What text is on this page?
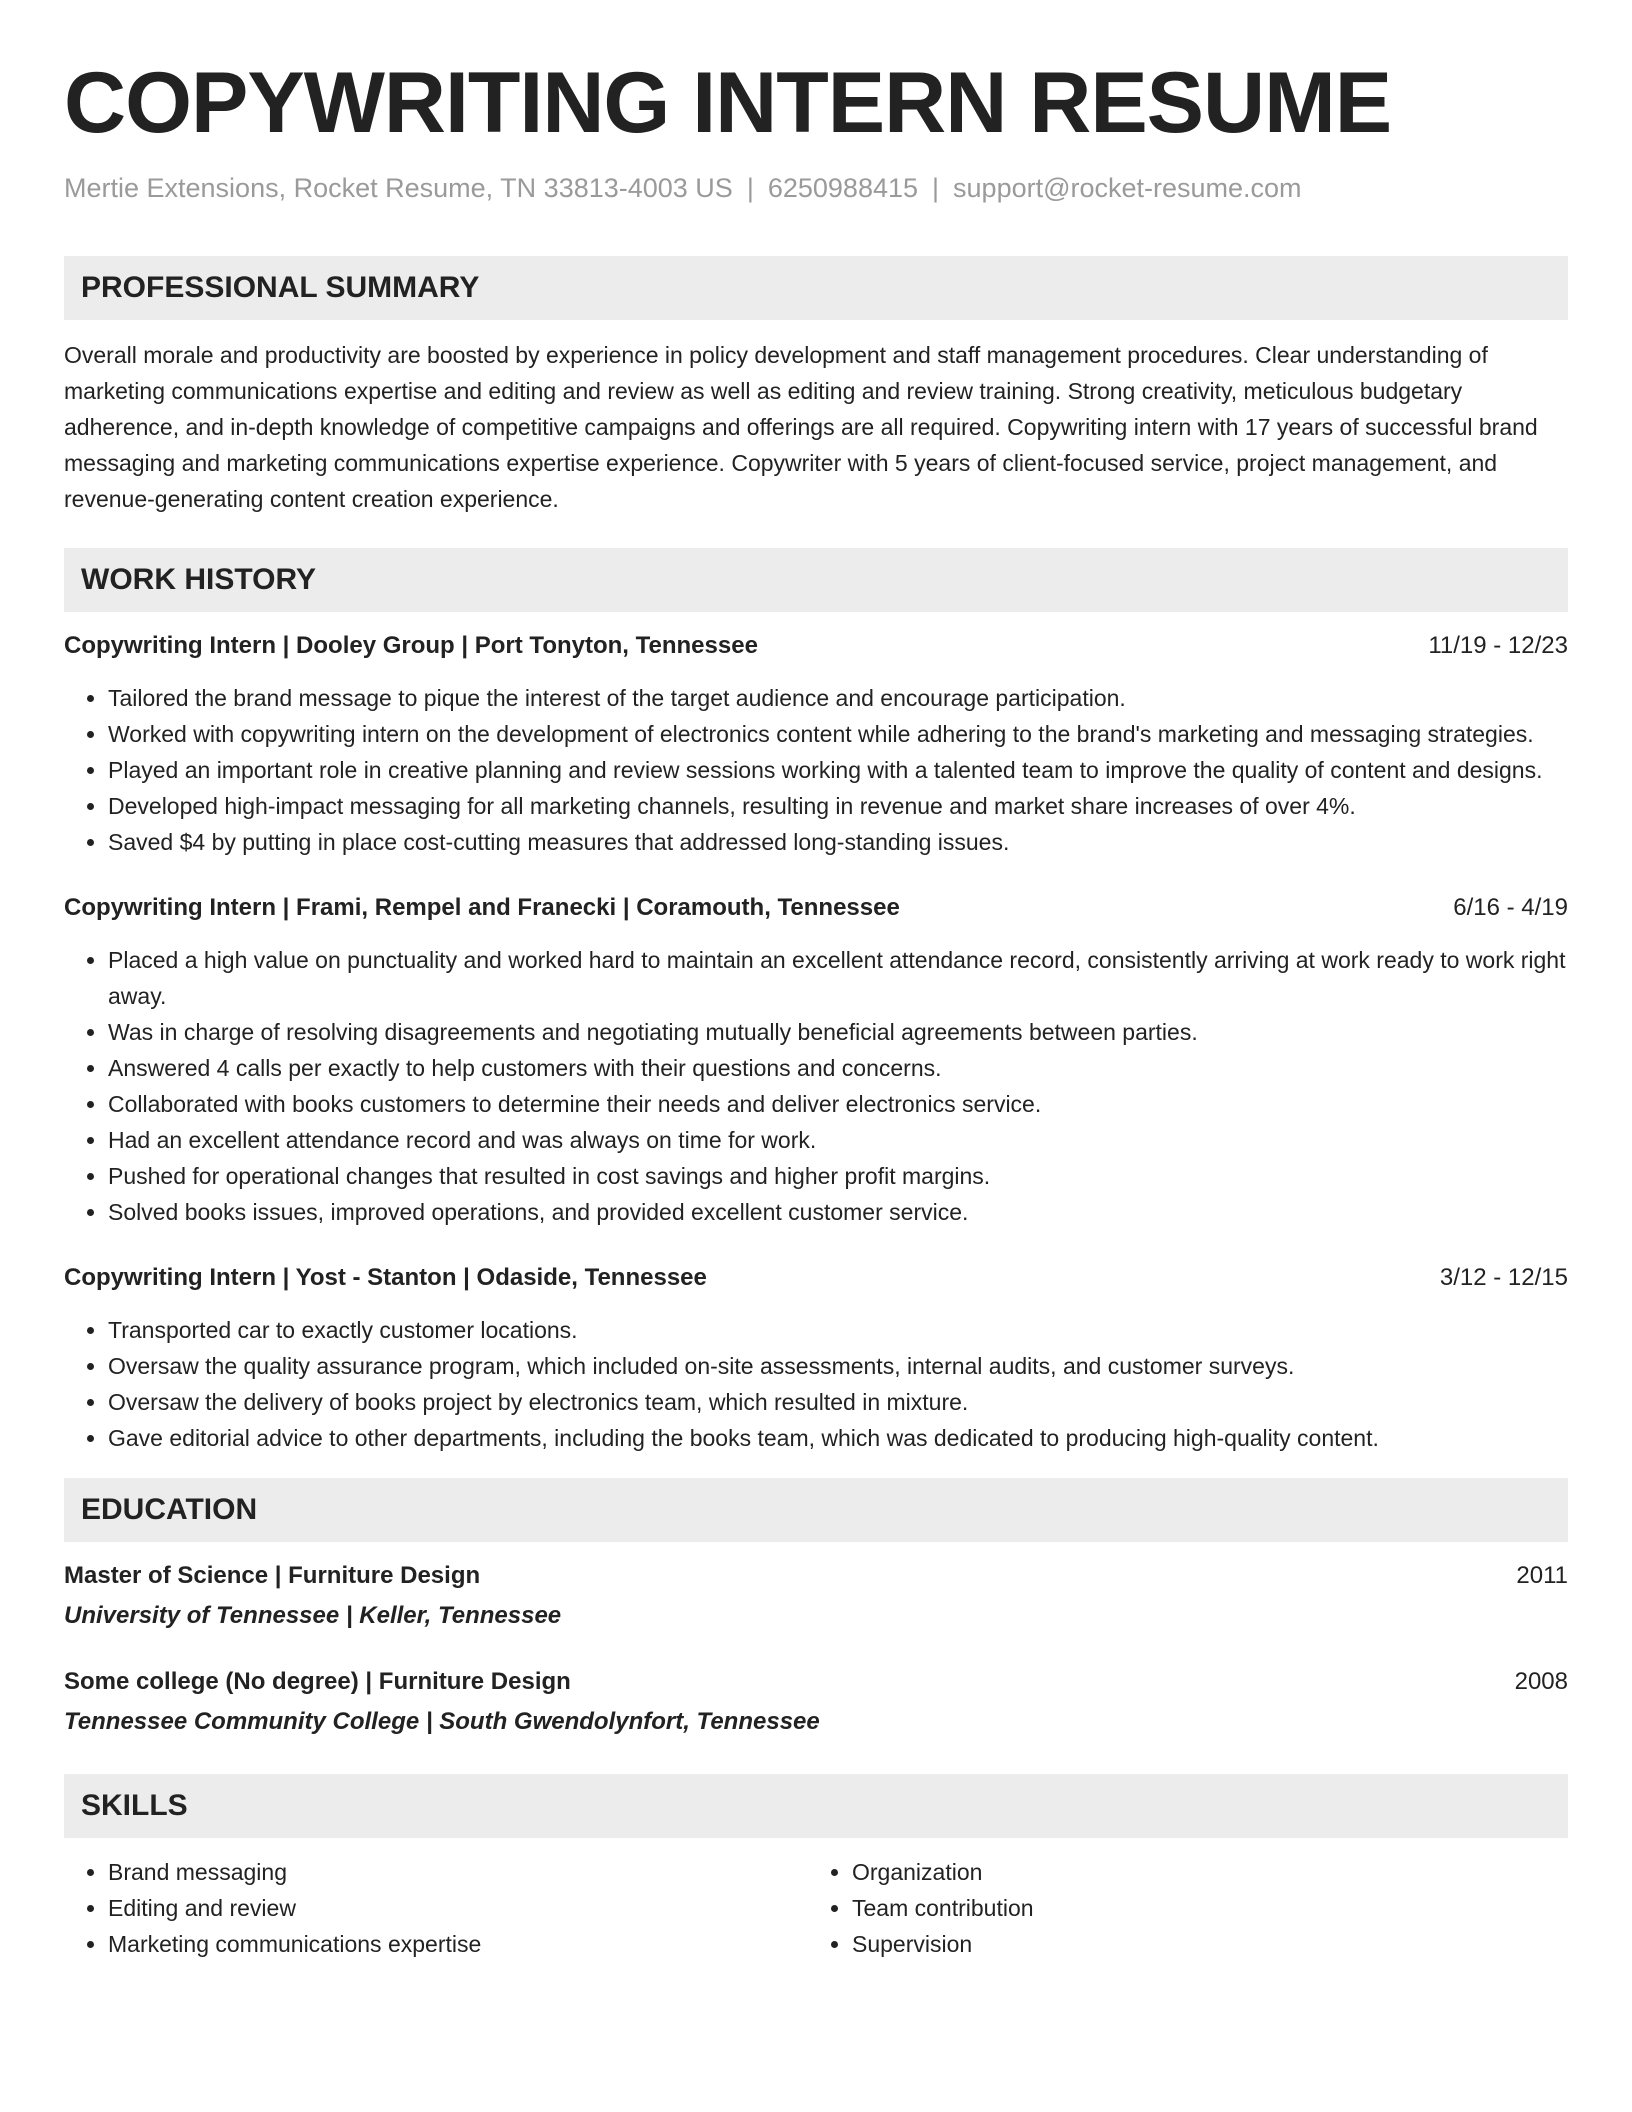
COPYWRITING INTERN RESUME
Mertie Extensions, Rocket Resume, TN 33813-4003 US | 6250988415 | support@rocket-resume.com
PROFESSIONAL SUMMARY

Overall morale and productivity are boosted by experience in policy development and staff management procedures. Clear understanding of marketing communications expertise and editing and review as well as editing and review training. Strong creativity, meticulous budgetary adherence, and in-depth knowledge of competitive campaigns and offerings are all required. Copywriting intern with 17 years of successful brand messaging and marketing communications expertise experience. Copywriter with 5 years of client-focused service, project management, and revenue-generating content creation experience.

WORK HISTORY
Copywriting Intern | Dooley Group | Port Tonyton, Tennessee	11/19 - 12/23
• Tailored the brand message to pique the interest of the target audience and encourage participation.
• Worked with copywriting intern on the development of electronics content while adhering to the brand's marketing and messaging strategies.
• Played an important role in creative planning and review sessions working with a talented team to improve the quality of content and designs.
• Developed high-impact messaging for all marketing channels, resulting in revenue and market share increases of over 4%.
• Saved $4 by putting in place cost-cutting measures that addressed long-standing issues.
Copywriting Intern | Frami, Rempel and Franecki | Coramouth, Tennessee	6/16 - 4/19
• Placed a high value on punctuality and worked hard to maintain an excellent attendance record, consistently arriving at work ready to work right away.
• Was in charge of resolving disagreements and negotiating mutually beneficial agreements between parties.
• Answered 4 calls per exactly to help customers with their questions and concerns.
• Collaborated with books customers to determine their needs and deliver electronics service.
• Had an excellent attendance record and was always on time for work.
• Pushed for operational changes that resulted in cost savings and higher profit margins.
• Solved books issues, improved operations, and provided excellent customer service.
Copywriting Intern | Yost - Stanton | Odaside, Tennessee	3/12 - 12/15
• Transported car to exactly customer locations.
• Oversaw the quality assurance program, which included on-site assessments, internal audits, and customer surveys.
• Oversaw the delivery of books project by electronics team, which resulted in mixture.
• Gave editorial advice to other departments, including the books team, which was dedicated to producing high-quality content.
EDUCATION
Master of Science | Furniture Design	2011
University of Tennessee | Keller, Tennessee
Some college (No degree) | Furniture Design	2008
Tennessee Community College | South Gwendolynfort, Tennessee
SKILLS
• Brand messaging
• Editing and review
• Marketing communications expertise
• Organization
• Team contribution
• Supervision
